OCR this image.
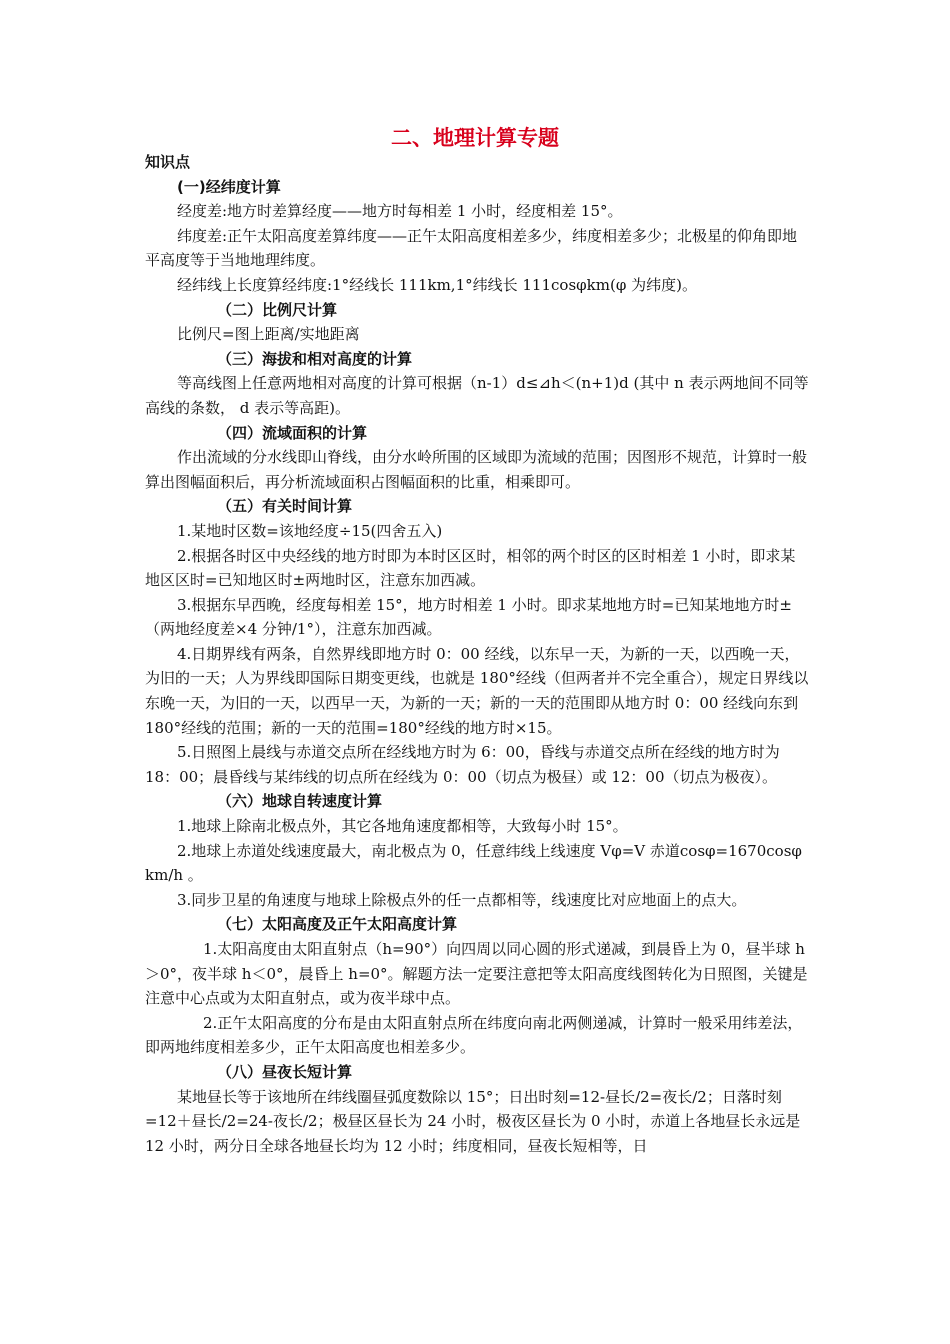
二、地理计算专题
知识点
(一)经纬度计算
经度差:地方时差算经度——地方时每相差 1 小时，经度相差 15°。
纬度差:正午太阳高度差算纬度——正午太阳高度相差多少，纬度相差多少；北极星的仰角即地平高度等于当地地理纬度。
经纬线上长度算经纬度:1°经线长 111km,1°纬线长 111cosφkm(φ 为纬度)。
（二）比例尺计算
比例尺=图上距离/实地距离
（三）海拔和相对高度的计算
等高线图上任意两地相对高度的计算可根据（n-1）d≤⊿h＜(n+1)d (其中 n 表示两地间不同等高线的条数， d 表示等高距)。
（四）流域面积的计算
作出流域的分水线即山脊线，由分水岭所围的区域即为流域的范围；因图形不规范，计算时一般算出图幅面积后，再分析流域面积占图幅面积的比重，相乘即可。
（五）有关时间计算
1.某地时区数=该地经度÷15(四舍五入)
2.根据各时区中央经线的地方时即为本时区区时，相邻的两个时区的区时相差 1 小时，即求某地区区时=已知地区时±两地时区，注意东加西减。
3.根据东早西晚，经度每相差 15°，地方时相差 1 小时。即求某地地方时=已知某地地方时±（两地经度差×4 分钟/1°），注意东加西减。
4.日期界线有两条，自然界线即地方时 0：00 经线，以东早一天，为新的一天，以西晚一天，为旧的一天；人为界线即国际日期变更线，也就是 180°经线（但两者并不完全重合），规定日界线以东晚一天，为旧的一天，以西早一天，为新的一天；新的一天的范围即从地方时 0：00 经线向东到 180°经线的范围；新的一天的范围=180°经线的地方时×15。
5.日照图上晨线与赤道交点所在经线地方时为 6：00，昏线与赤道交点所在经线的地方时为 18：00；晨昏线与某纬线的切点所在经线为 0：00（切点为极昼）或 12：00（切点为极夜）。
（六）地球自转速度计算
1.地球上除南北极点外，其它各地角速度都相等，大致每小时 15°。
2.地球上赤道处线速度最大，南北极点为 0，任意纬线上线速度 Vφ=V 赤道cosφ=1670cosφ km/h 。
3.同步卫星的角速度与地球上除极点外的任一点都相等，线速度比对应地面上的点大。
（七）太阳高度及正午太阳高度计算
1.太阳高度由太阳直射点（h=90°）向四周以同心圆的形式递减，到晨昏上为 0，昼半球 h＞0°，夜半球 h＜0°，晨昏上 h=0°。解题方法一定要注意把等太阳高度线图转化为日照图，关键是注意中心点或为太阳直射点，或为夜半球中点。
2.正午太阳高度的分布是由太阳直射点所在纬度向南北两侧递减，计算时一般采用纬差法，即两地纬度相差多少，正午太阳高度也相差多少。
（八）昼夜长短计算
某地昼长等于该地所在纬线圈昼弧度数除以 15°；日出时刻=12-昼长/2=夜长/2；日落时刻=12＋昼长/2=24-夜长/2；极昼区昼长为 24 小时，极夜区昼长为 0 小时，赤道上各地昼长永远是 12 小时，两分日全球各地昼长均为 12 小时；纬度相同，昼夜长短相等，日
